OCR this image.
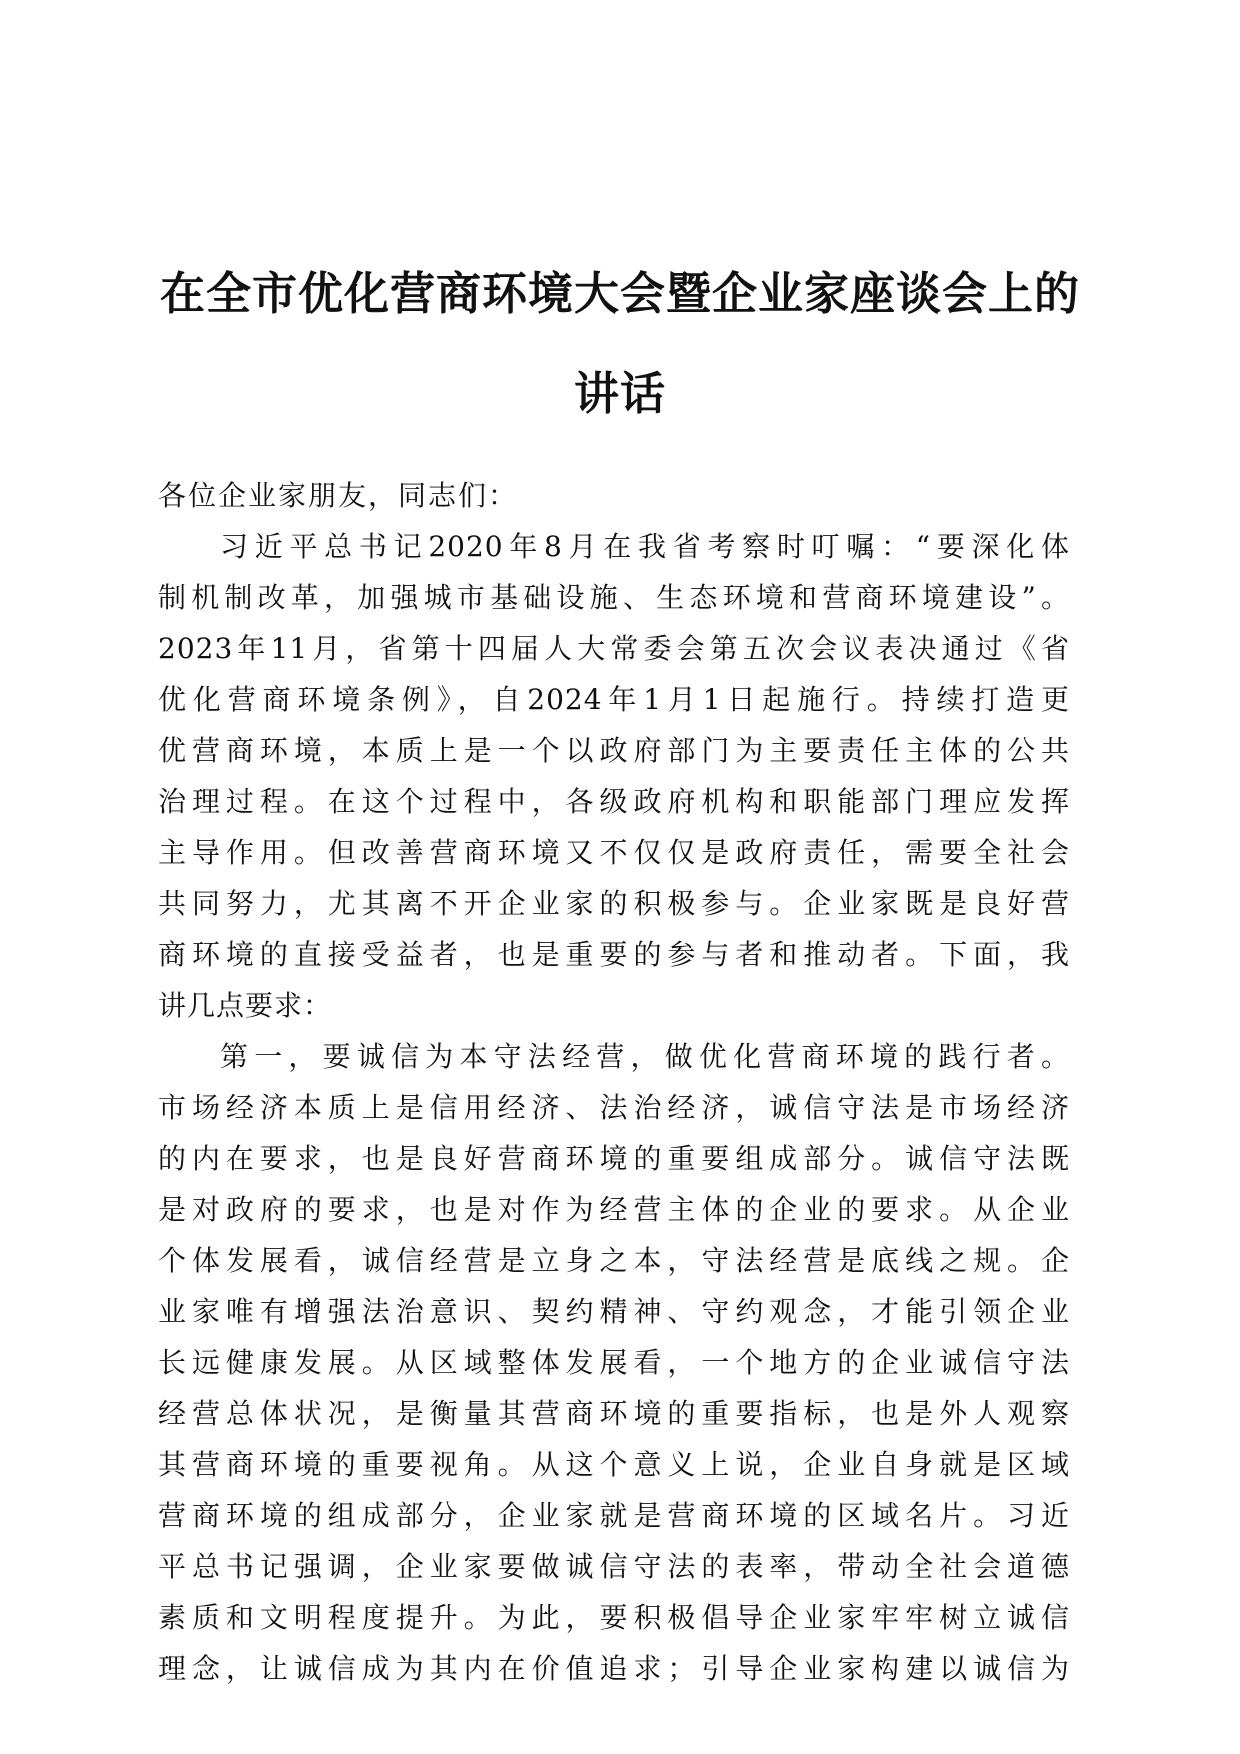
在全市优化营商环境大会暨企业家座谈会上的
讲话

各位企业家朋友，同志们：

习近平总书记2020年8月在我省考察时叮嘱：“要深化体
制机制改革，加强城市基础设施、生态环境和营商环境建设”。
2023年11月，省第十四届人大常委会第五次会议表决通过《省
优化营商环境条例》，自2024年1月1日起施行。持续打造更
优营商环境，本质上是一个以政府部门为主要责任主体的公共
治理过程。在这个过程中，各级政府机构和职能部门理应发挥
主导作用。但改善营商环境又不仅仅是政府责任，需要全社会
共同努力，尤其离不开企业家的积极参与。企业家既是良好营
商环境的直接受益者，也是重要的参与者和推动者。下面，我
讲几点要求：

第一，要诚信为本守法经营，做优化营商环境的践行者。
市场经济本质上是信用经济、法治经济，诚信守法是市场经济
的内在要求，也是良好营商环境的重要组成部分。诚信守法既
是对政府的要求，也是对作为经营主体的企业的要求。从企业
个体发展看，诚信经营是立身之本，守法经营是底线之规。企
业家唯有增强法治意识、契约精神、守约观念，才能引领企业
长远健康发展。从区域整体发展看，一个地方的企业诚信守法
经营总体状况，是衡量其营商环境的重要指标，也是外人观察
其营商环境的重要视角。从这个意义上说，企业自身就是区域
营商环境的组成部分，企业家就是营商环境的区域名片。习近
平总书记强调，企业家要做诚信守法的表率，带动全社会道德
素质和文明程度提升。为此，要积极倡导企业家牢牢树立诚信
理念，让诚信成为其内在价值追求；引导企业家构建以诚信为
